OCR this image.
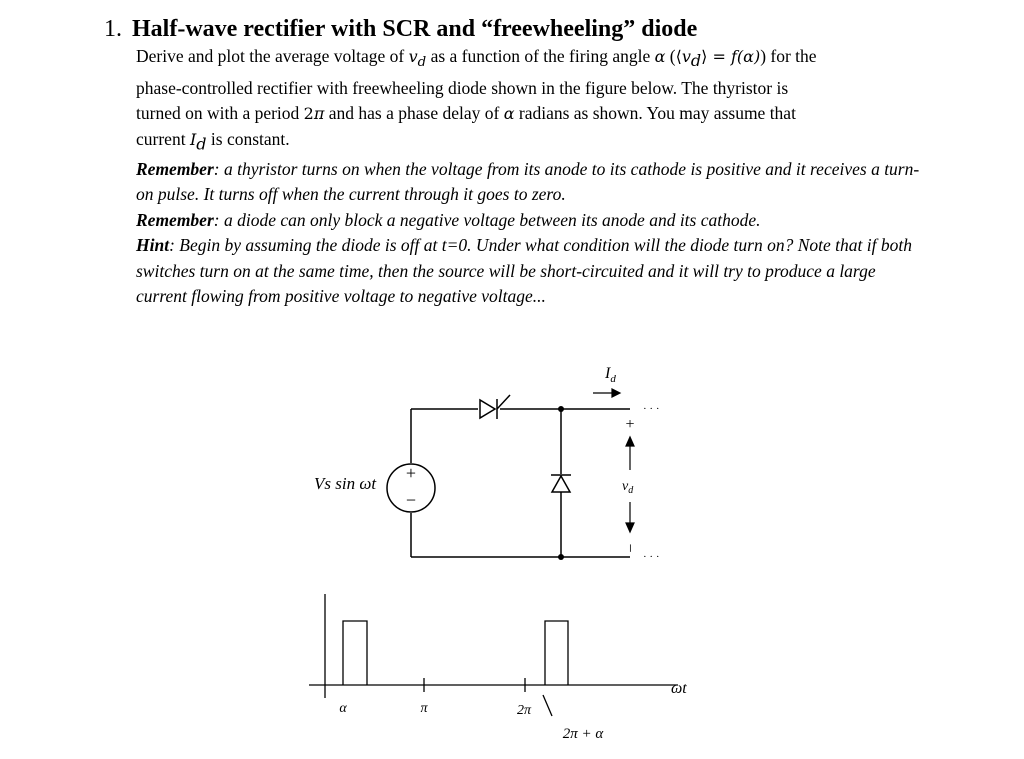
1. Half-wave rectifier with SCR and “freewheeling” diode
Derive and plot the average voltage of $v_d$ as a function of the firing angle α $(⟨v_d⟩ = f(\alpha))$ for the
phase-controlled rectifier with freewheeling diode shown in the figure below. The thyristor is
turned on with a period 2π and has a phase delay of α radians as shown. You may assume that
current $I_d$ is constant.
Remember: a thyristor turns on when the voltage from its anode to its cathode is positive and it receives a turn-on pulse. It turns off when the current through it goes to zero.
Remember: a diode can only block a negative voltage between its anode and its cathode.
Hint: Begin by assuming the diode is off at t=0. Under what condition will the diode turn on? Note that if both switches turn on at the same time, then the source will be short-circuited and it will try to produce a large current flowing from positive voltage to negative voltage...
+
−
Vs sin ωt
$I_d$
· · ·
· · ·
+
$v_d$
−
ωt
α	π	2π
2π + α
